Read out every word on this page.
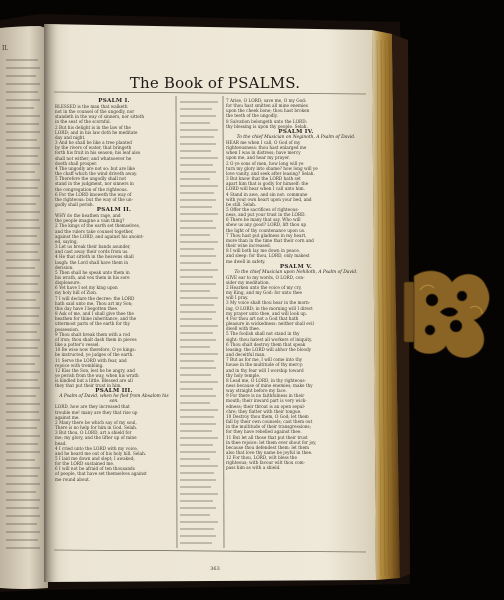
II.
The Book of PSALMS.
PSALM I.
BLESSED is the man that walketh
not in the counsel of the ungodly, nor
standeth in the way of sinners, nor sitteth
in the seat of the scornful.
2 But his delight is in the law of the
LORD; and in his law doth he meditate
day and night.
3 And he shall be like a tree planted
by the rivers of water, that bringeth
forth his fruit in his season; his leaf also
shall not wither; and whatsoever he
doeth shall prosper.
4 The ungodly are not so: but are like
the chaff which the wind driveth away.
5 Therefore the ungodly shall not
stand in the judgment, nor sinners in
the congregation of the righteous.
6 For the LORD knoweth the way of
the righteous: but the way of the un-
godly shall perish.
PSALM II.
WHY do the heathen rage, and
the people imagine a vain thing?
2 The kings of the earth set themselves,
and the rulers take counsel together,
against the LORD, and against his anoint-
ed, saying,
3 Let us break their bands asunder,
and cast away their cords from us.
4 He that sitteth in the heavens shall
laugh: the Lord shall have them in
derision.
5 Then shall he speak unto them in
his wrath, and vex them in his sore
displeasure.
6 Yet have I set my king upon
my holy hill of Zion.
7 I will declare the decree: the LORD
hath said unto me, Thou art my Son;
this day have I begotten thee.
8 Ask of me, and I shall give thee the
heathen for thine inheritance, and the
uttermost parts of the earth for thy
possession.
9 Thou shalt break them with a rod
of iron; thou shalt dash them in pieces
like a potter's vessel.
10 Be wise now therefore, O ye kings:
be instructed, ye judges of the earth.
11 Serve the LORD with fear, and
rejoice with trembling.
12 Kiss the Son, lest he be angry, and
ye perish from the way, when his wrath
is kindled but a little. Blessed are all
they that put their trust in him.
PSALM III.
A Psalm of David, when he fled from Absalom his son.
LORD, how are they increased that
trouble me! many are they that rise up
against me.
2 Many there be which say of my soul,
There is no help for him in God. Selah.
3 But thou, O LORD, art a shield for
me; my glory, and the lifter up of mine
head.
4 I cried unto the LORD with my voice,
and he heard me out of his holy hill. Selah.
5 I laid me down and slept; I awaked;
for the LORD sustained me.
6 I will not be afraid of ten thousands
of people, that have set themselves against
me round about.
7 Arise, O LORD; save me, O my God:
for thou hast smitten all mine enemies
upon the cheek bone; thou hast broken
the teeth of the ungodly.
8 Salvation belongeth unto the LORD:
thy blessing is upon thy people. Selah.
PSALM IV.
To the chief Musician on Neginoth, A Psalm of David.
HEAR me when I call, O God of my
righteousness: thou hast enlarged me
when I was in distress; have mercy
upon me, and hear my prayer.
2 O ye sons of men, how long will ye
turn my glory into shame? how long will ye
love vanity, and seek after leasing? Selah.
3 But know that the LORD hath set
apart him that is godly for himself: the
LORD will hear when I call unto him.
4 Stand in awe, and sin not: commune
with your own heart upon your bed, and
be still. Selah.
5 Offer the sacrifices of righteous-
ness, and put your trust in the LORD.
6 There be many that say, Who will
shew us any good? LORD, lift thou up
the light of thy countenance upon us.
7 Thou hast put gladness in my heart,
more than in the time that their corn and
their wine increased.
8 I will both lay me down in peace,
and sleep: for thou, LORD, only makest
me dwell in safety.
PSALM V.
To the chief Musician upon Nehiloth, A Psalm of David.
GIVE ear to my words, O LORD, con-
sider my meditation.
2 Hearken unto the voice of my cry,
my King, and my God: for unto thee
will I pray.
3 My voice shalt thou hear in the morn-
ing, O LORD; in the morning will I direct
my prayer unto thee, and will look up.
4 For thou art not a God that hath
pleasure in wickedness: neither shall evil
dwell with thee.
5 The foolish shall not stand in thy
sight: thou hatest all workers of iniquity.
6 Thou shalt destroy them that speak
leasing: the LORD will abhor the bloody
and deceitful man.
7 But as for me, I will come into thy
house in the multitude of thy mercy:
and in thy fear will I worship toward
thy holy temple.
8 Lead me, O LORD, in thy righteous-
ness because of mine enemies; make thy
way straight before my face.
9 For there is no faithfulness in their
mouth; their inward part is very wick-
edness; their throat is an open sepul-
chre; they flatter with their tongue.
10 Destroy thou them, O God; let them
fall by their own counsels; cast them out
in the multitude of their transgressions;
for they have rebelled against thee.
11 But let all those that put their trust
in thee rejoice: let them ever shout for joy,
because thou defendest them: let them
also that love thy name be joyful in thee.
12 For thou, LORD, wilt bless the
righteous; with favour wilt thou com-
pass him as with a shield.
363
